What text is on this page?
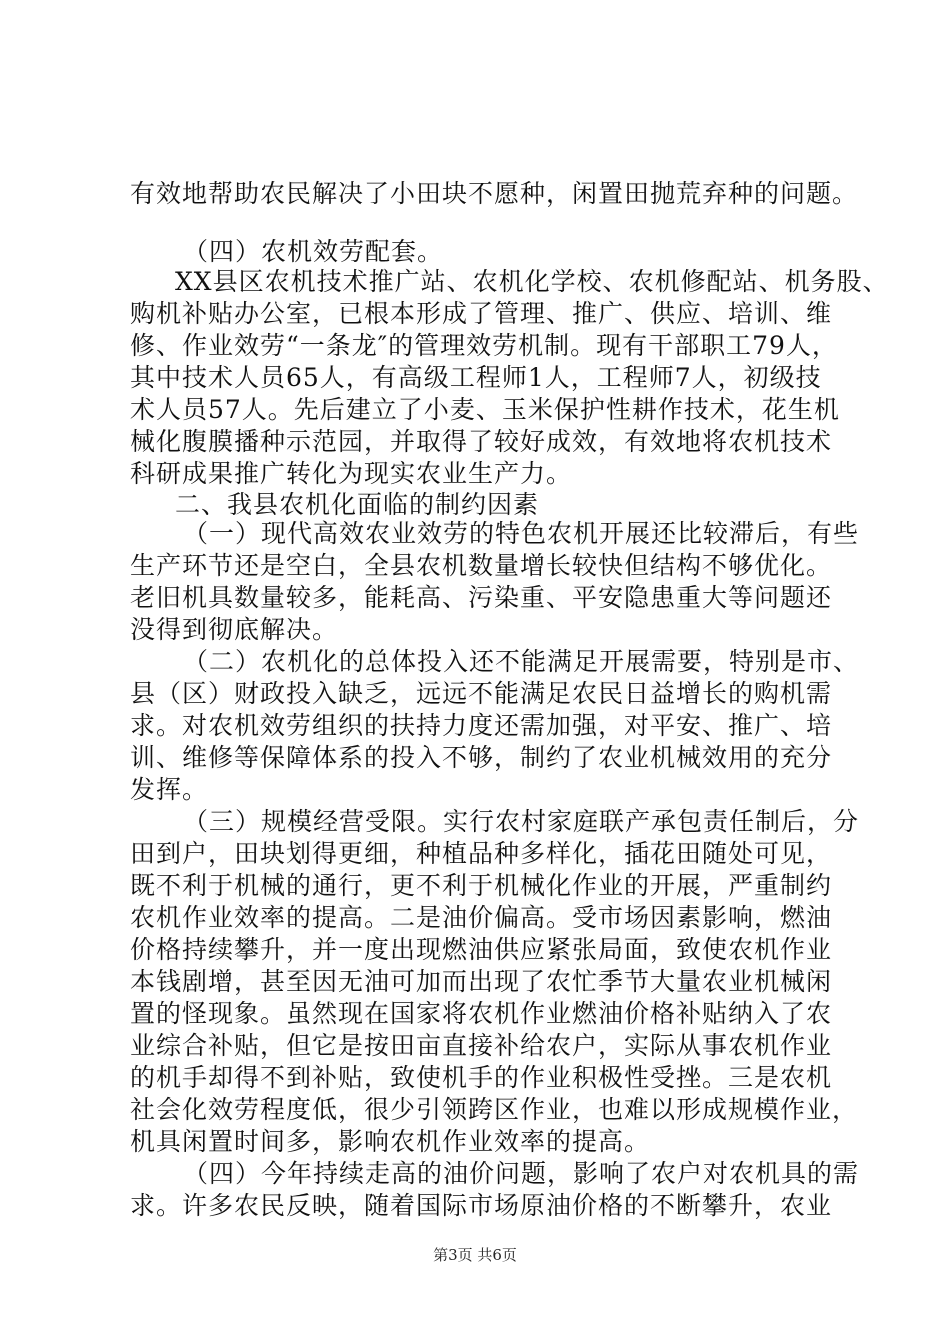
有效地帮助农民解决了小田块不愿种，闲置田抛荒弃种的问题。
（四）农机效劳配套。
XX县区农机技术推广站、农机化学校、农机修配站、机务股、
购机补贴办公室，已根本形成了管理、推广、供应、培训、维
修、作业效劳“一条龙″的管理效劳机制。现有干部职工79人，
其中技术人员65人，有高级工程师1人，工程师7人，初级技
术人员57人。先后建立了小麦、玉米保护性耕作技术，花生机
械化腹膜播种示范园，并取得了较好成效，有效地将农机技术
科研成果推广转化为现实农业生产力。
二、我县农机化面临的制约因素
（一）现代高效农业效劳的特色农机开展还比较滞后，有些
生产环节还是空白，全县农机数量增长较快但结构不够优化。
老旧机具数量较多，能耗高、污染重、平安隐患重大等问题还
没得到彻底解决。
（二）农机化的总体投入还不能满足开展需要，特别是市、
县（区）财政投入缺乏，远远不能满足农民日益增长的购机需
求。对农机效劳组织的扶持力度还需加强，对平安、推广、培
训、维修等保障体系的投入不够，制约了农业机械效用的充分
发挥。
（三）规模经营受限。实行农村家庭联产承包责任制后，分
田到户，田块划得更细，种植品种多样化，插花田随处可见，
既不利于机械的通行，更不利于机械化作业的开展，严重制约
农机作业效率的提高。二是油价偏高。受市场因素影响，燃油
价格持续攀升，并一度出现燃油供应紧张局面，致使农机作业
本钱剧增，甚至因无油可加而出现了农忙季节大量农业机械闲
置的怪现象。虽然现在国家将农机作业燃油价格补贴纳入了农
业综合补贴，但它是按田亩直接补给农户，实际从事农机作业
的机手却得不到补贴，致使机手的作业积极性受挫。三是农机
社会化效劳程度低，很少引领跨区作业，也难以形成规模作业，
机具闲置时间多，影响农机作业效率的提高。
（四）今年持续走高的油价问题，影响了农户对农机具的需
求。许多农民反映，随着国际市场原油价格的不断攀升，农业
第3页 共6页
